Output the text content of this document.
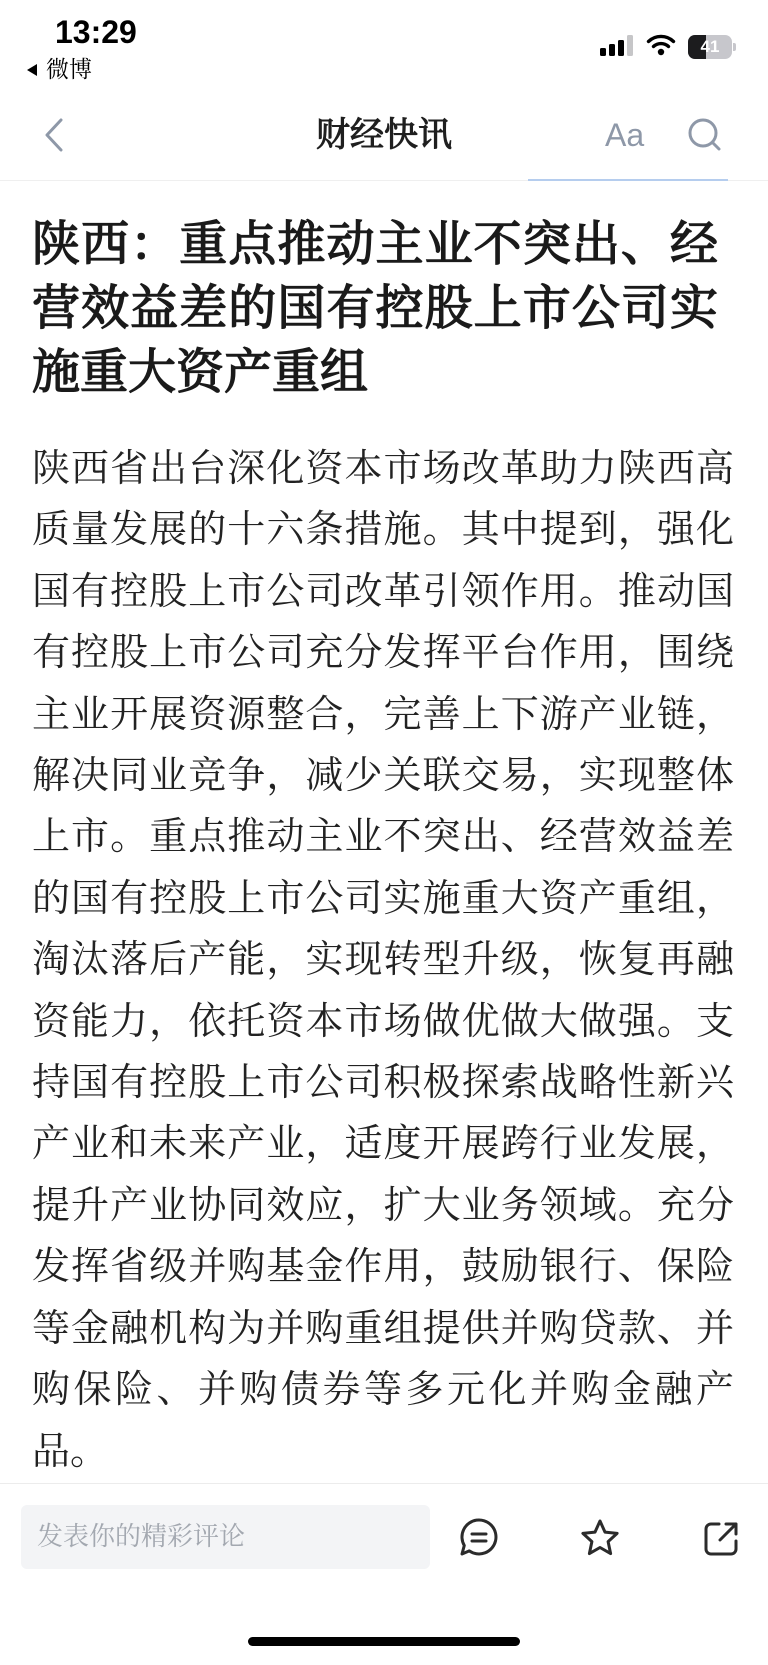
13:29
微博
41
财经快讯	Aa
陕西：重点推动主业不突出、经营效益差的国有控股上市公司实施重大资产重组

陕西省出台深化资本市场改革助力陕西高质量发展的十六条措施。其中提到，强化国有控股上市公司改革引领作用。推动国有控股上市公司充分发挥平台作用，围绕主业开展资源整合，完善上下游产业链，解决同业竞争，减少关联交易，实现整体上市。重点推动主业不突出、经营效益差的国有控股上市公司实施重大资产重组，淘汰落后产能，实现转型升级，恢复再融资能力，依托资本市场做优做大做强。支持国有控股上市公司积极探索战略性新兴产业和未来产业，适度开展跨行业发展，提升产业协同效应，扩大业务领域。充分发挥省级并购基金作用，鼓励银行、保险等金融机构为并购重组提供并购贷款、并购保险、并购债券等多元化并购金融产品。

发表你的精彩评论
